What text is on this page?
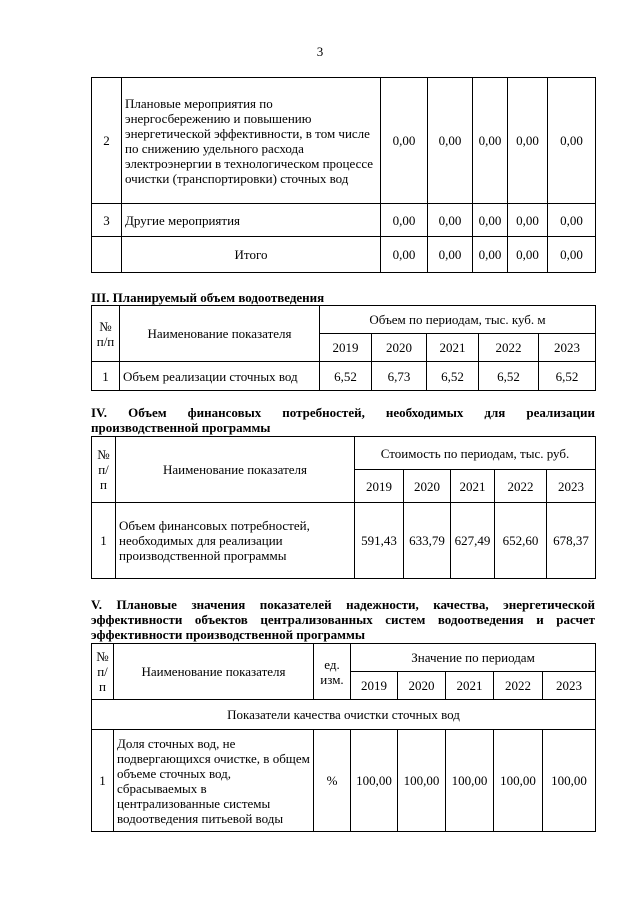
3
2	Плановые мероприятия по энергосбережению и повышению энергетической эффективности, в том числе по снижению удельного расхода электроэнергии в технологическом процессе очистки (транспортировки) сточных вод	0,00	0,00	0,00	0,00	0,00
3	Другие мероприятия	0,00	0,00	0,00	0,00	0,00
	Итого	0,00	0,00	0,00	0,00	0,00
III. Планируемый объем водоотведения
№ п/п	Наименование показателя	Объем по периодам, тыс. куб. м				
		2019	2020	2021	2022	2023
1	Объем реализации сточных вод	6,52	6,73	6,52	6,52	6,52
IV. Объем финансовых потребностей, необходимых для реализации
производственной программы
№ п/п	Наименование показателя	Стоимость по периодам, тыс. руб.				
		2019	2020	2021	2022	2023
1	Объем финансовых потребностей, необходимых для реализации производственной программы	591,43	633,79	627,49	652,60	678,37
V. Плановые значения показателей надежности, качества, энергетической
эффективности объектов централизованных систем водоотведения и расчет
эффективности производственной программы
№ п/п	Наименование показателя	ед. изм.	Значение по периодам				
			2019	2020	2021	2022	2023
Показатели качества очистки сточных вод							
1	Доля сточных вод, не подвергающихся очистке, в общем объеме сточных вод, сбрасываемых в централизованные системы водоотведения питьевой воды	%	100,00	100,00	100,00	100,00	100,00
